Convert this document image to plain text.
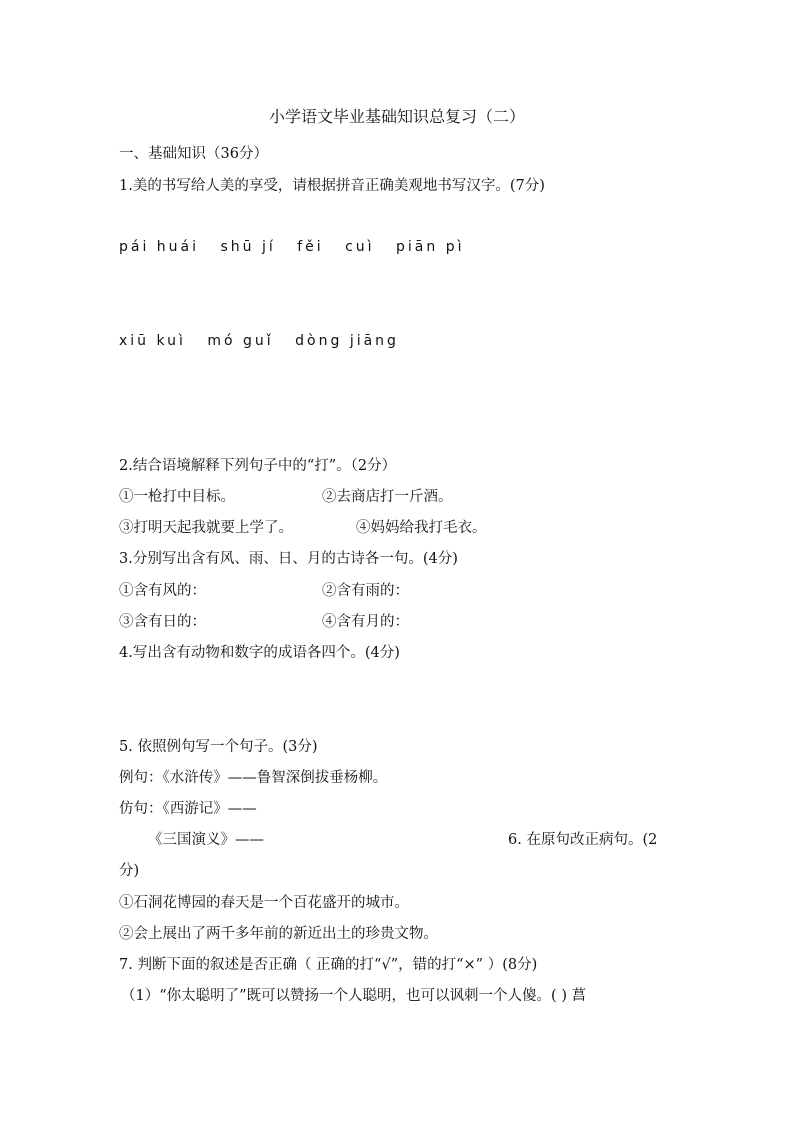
小学语文毕业基础知识总复习（二）
一、基础知识（36分）
1.美的书写给人美的享受，请根据拼音正确美观地书写汉字。(7分)
pái huái shū jí fěi cuì piān pì
xiū kuì mó guǐ dòng jiāng
2.结合语境解释下列句子中的“打”。（2分）
①一枪打中目标。	②去商店打一斤酒。
③打明天起我就要上学了。	④妈妈给我打毛衣。
3.分别写出含有风、雨、日、月的古诗各一句。(4分)
①含有风的：	②含有雨的：
③含有日的：	④含有月的：
4.写出含有动物和数字的成语各四个。(4分)
5. 依照例句写一个句子。(3分)
例句：《水浒传》——鲁智深倒拔垂杨柳。
仿句：《西游记》——
《三国演义》——	6. 在原句改正病句。(2
分)
①石洞花博园的春天是一个百花盛开的城市。
②会上展出了两千多年前的新近出土的珍贵文物。
7. 判断下面的叙述是否正确（ 正确的打“√”，错的打“×” ）(8分)
（1）“你太聪明了”既可以赞扬一个人聪明，也可以讽刺一个人傻。( ) 菖
